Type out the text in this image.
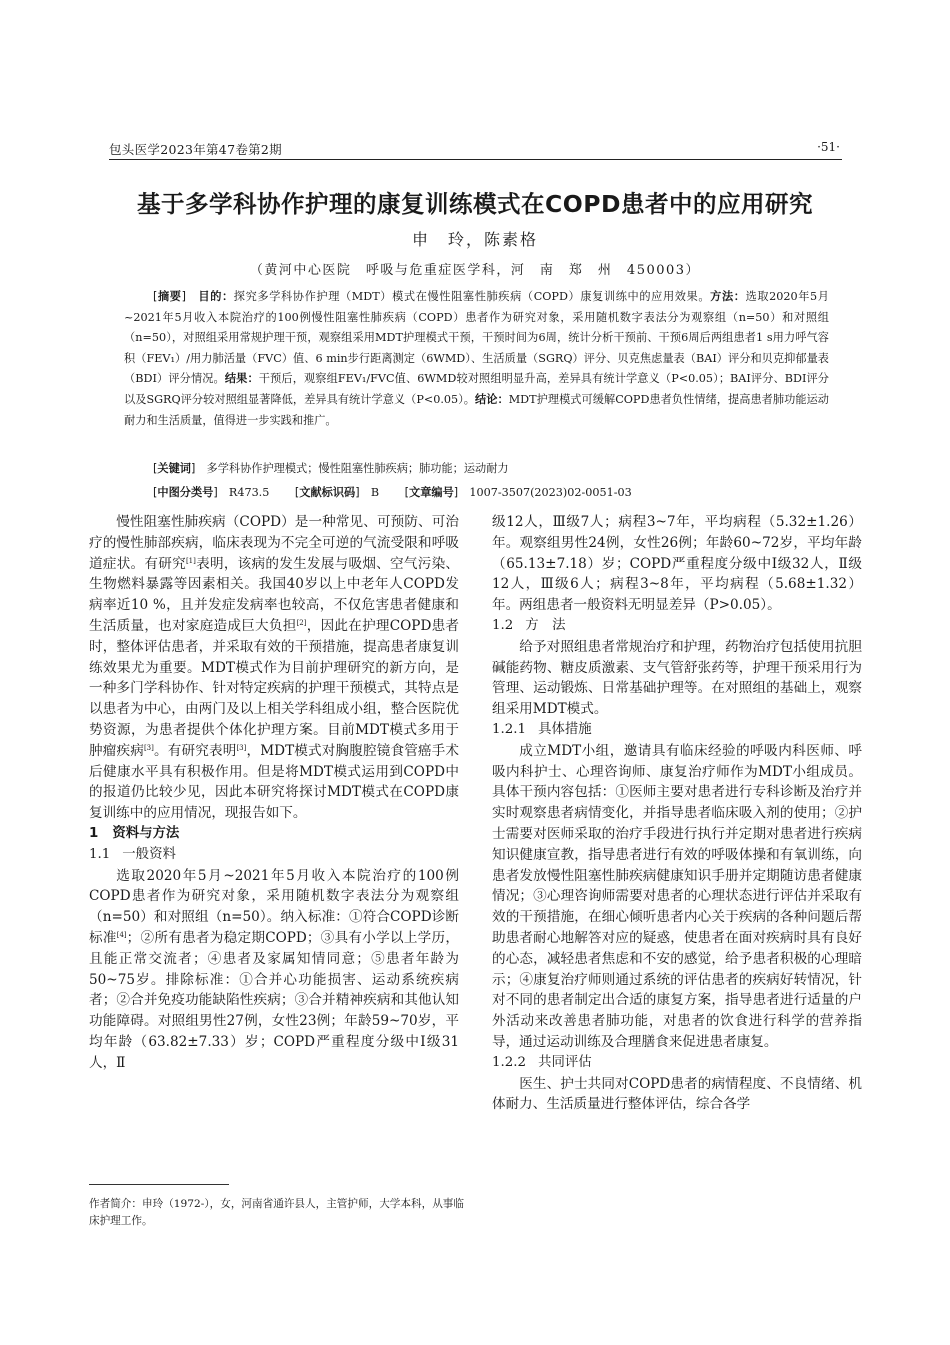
包头医学2023年第47卷第2期	·51·
基于多学科协作护理的康复训练模式在COPD患者中的应用研究
申　玲，陈素格
（黄河中心医院　呼吸与危重症医学科，河　南　郑　州　450003）

[摘要]　 目的：探究多学科协作护理（MDT）模式在慢性阻塞性肺疾病（COPD）康复训练中的应用效果。方法：选取2020年5月~2021年5月收入本院治疗的100例慢性阻塞性肺疾病（COPD）患者作为研究对象，采用随机数字表法分为观察组（n=50）和对照组（n=50），对照组采用常规护理干预，观察组采用MDT护理模式干预，干预时间为6周，统计分析干预前、干预6周后两组患者1 s用力呼气容积（FEV₁）/用力肺活量（FVC）值、6 min步行距离测定（6WMD）、生活质量（SGRQ）评分、贝克焦虑量表（BAI）评分和贝克抑郁量表（BDI）评分情况。结果：干预后，观察组FEV₁/FVC值、6WMD较对照组明显升高，差异具有统计学意义（P<0.05）；BAI评分、BDI评分以及SGRQ评分较对照组显著降低，差异具有统计学意义（P<0.05）。结论：MDT护理模式可缓解COPD患者负性情绪，提高患者肺功能运动耐力和生活质量，值得进一步实践和推广。

[关键词]　 多学科协作护理模式；慢性阻塞性肺疾病；肺功能；运动耐力
[中图分类号]　 R473.5 [文献标识码]　 B [文章编号]　 1007-3507(2023)02-0051-03

慢性阻塞性肺疾病（COPD）是一种常见、可预防、可治疗的慢性肺部疾病，临床表现为不完全可逆的气流受限和呼吸道症状。有研究[1]表明，该病的发生发展与吸烟、空气污染、生物燃料暴露等因素相关。我国40岁以上中老年人COPD发病率近10 %，且并发症发病率也较高，不仅危害患者健康和生活质量，也对家庭造成巨大负担[2]，因此在护理COPD患者时，整体评估患者，并采取有效的干预措施，提高患者康复训练效果尤为重要。MDT模式作为目前护理研究的新方向，是一种多门学科协作、针对特定疾病的护理干预模式，其特点是以患者为中心，由两门及以上相关学科组成小组，整合医院优势资源，为患者提供个体化护理方案。目前MDT模式多用于肿瘤疾病[3]。有研究表明[3]，MDT模式对胸腹腔镜食管癌手术后健康水平具有积极作用。但是将MDT模式运用到COPD中的报道仍比较少见，因此本研究将探讨MDT模式在COPD康复训练中的应用情况，现报告如下。

1 资料与方法
1.1 一般资料

选取2020年5月~2021年5月收入本院治疗的100例COPD患者作为研究对象，采用随机数字表法分为观察组（n=50）和对照组（n=50）。纳入标准：①符合COPD诊断标准[4]；②所有患者为稳定期COPD；③具有小学以上学历，且能正常交流者；④患者及家属知情同意；⑤患者年龄为50~75岁。排除标准：①合并心功能损害、运动系统疾病者；②合并免疫功能缺陷性疾病；③合并精神疾病和其他认知功能障碍。对照组男性27例，女性23例；年龄59~70岁，平均年龄（63.82±7.33）岁；COPD严重程度分级中Ⅰ级31人，Ⅱ

作者简介：申玲（1972-），女，河南省通许县人，主管护师，大学本科，从事临床护理工作。

级12人，Ⅲ级7人；病程3~7年，平均病程（5.32±1.26）年。观察组男性24例，女性26例；年龄60~72岁，平均年龄（65.13±7.18）岁；COPD严重程度分级中Ⅰ级32人，Ⅱ级12人，Ⅲ级6人；病程3~8年，平均病程（5.68±1.32）年。两组患者一般资料无明显差异（P>0.05）。

1.2 方　法

给予对照组患者常规治疗和护理，药物治疗包括使用抗胆碱能药物、糖皮质激素、支气管舒张药等，护理干预采用行为管理、运动锻炼、日常基础护理等。在对照组的基础上，观察组采用MDT模式。

1.2.1 具体措施

成立MDT小组，邀请具有临床经验的呼吸内科医师、呼吸内科护士、心理咨询师、康复治疗师作为MDT小组成员。具体干预内容包括：①医师主要对患者进行专科诊断及治疗并实时观察患者病情变化，并指导患者临床吸入剂的使用；②护士需要对医师采取的治疗手段进行执行并定期对患者进行疾病知识健康宣教，指导患者进行有效的呼吸体操和有氧训练，向患者发放慢性阻塞性肺疾病健康知识手册并定期随访患者健康情况；③心理咨询师需要对患者的心理状态进行评估并采取有效的干预措施，在细心倾听患者内心关于疾病的各种问题后帮助患者耐心地解答对应的疑惑，使患者在面对疾病时具有良好的心态，减轻患者焦虑和不安的感觉，给予患者积极的心理暗示；④康复治疗师则通过系统的评估患者的疾病好转情况，针对不同的患者制定出合适的康复方案，指导患者进行适量的户外活动来改善患者肺功能，对患者的饮食进行科学的营养指导，通过运动训练及合理膳食来促进患者康复。

1.2.2 共同评估

医生、护士共同对COPD患者的病情程度、不良情绪、机体耐力、生活质量进行整体评估，综合各学
